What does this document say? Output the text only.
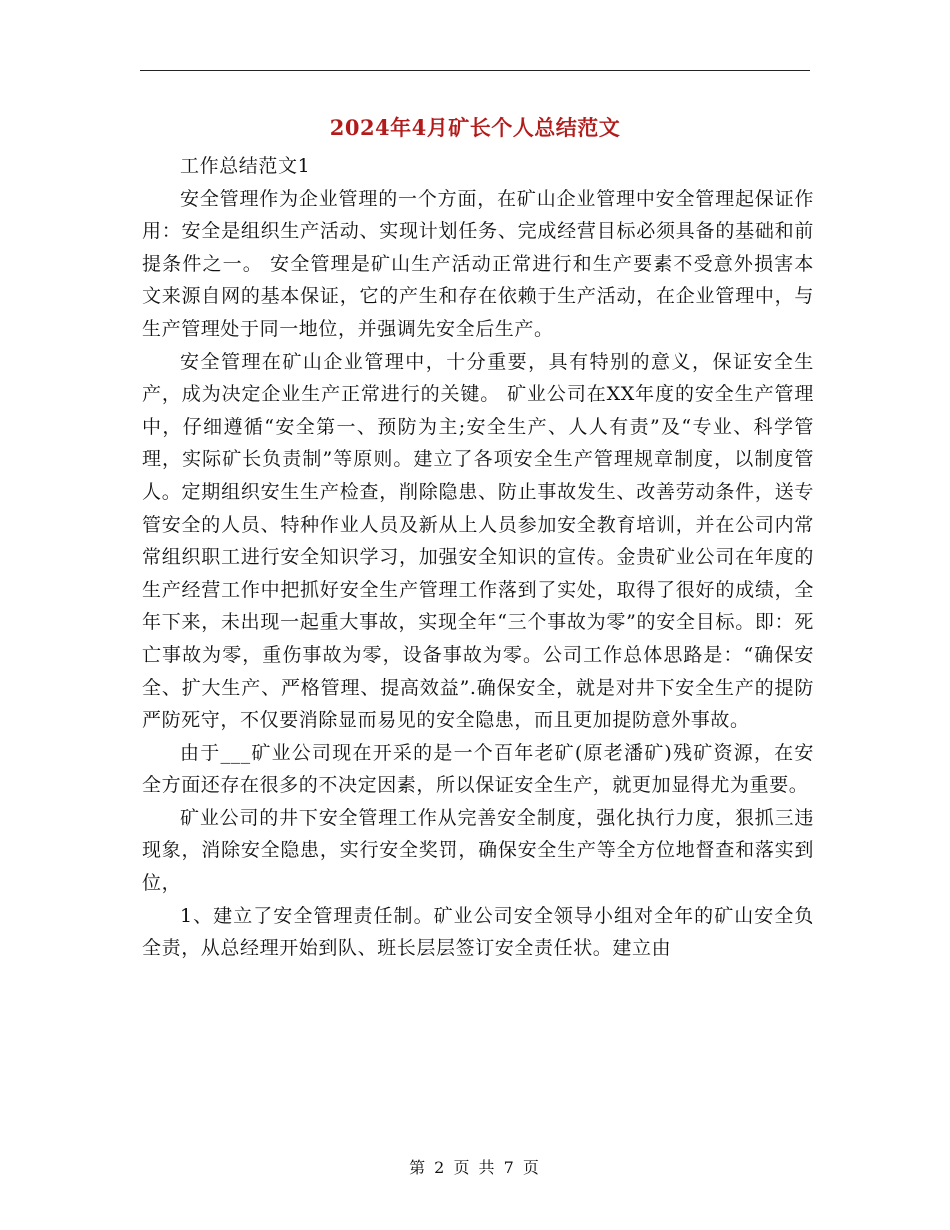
2024年4月矿长个人总结范文

工作总结范文1

安全管理作为企业管理的一个方面，在矿山企业管理中安全管理起保证作用：安全是组织生产活动、实现计划任务、完成经营目标必须具备的基础和前提条件之一。 安全管理是矿山生产活动正常进行和生产要素不受意外损害本文来源自网的基本保证，它的产生和存在依赖于生产活动，在企业管理中，与生产管理处于同一地位，并强调先安全后生产。

安全管理在矿山企业管理中，十分重要，具有特别的意义，保证安全生产，成为决定企业生产正常进行的关键。 矿业公司在XX年度的安全生产管理中，仔细遵循“安全第一、预防为主;安全生产、人人有责”及“专业、科学管理，实际矿长负责制”等原则。建立了各项安全生产管理规章制度，以制度管人。定期组织安生生产检查，削除隐患、防止事故发生、改善劳动条件，送专管安全的人员、特种作业人员及新从上人员参加安全教育培训，并在公司内常常组织职工进行安全知识学习，加强安全知识的宣传。金贵矿业公司在年度的生产经营工作中把抓好安全生产管理工作落到了实处，取得了很好的成绩，全年下来，未出现一起重大事故，实现全年“三个事故为零”的安全目标。即：死亡事故为零，重伤事故为零，设备事故为零。公司工作总体思路是：“确保安全、扩大生产、严格管理、提高效益”.确保安全，就是对井下安全生产的提防严防死守，不仅要消除显而易见的安全隐患，而且更加提防意外事故。

由于___矿业公司现在开采的是一个百年老矿(原老潘矿)残矿资源，在安全方面还存在很多的不决定因素，所以保证安全生产，就更加显得尤为重要。

矿业公司的井下安全管理工作从完善安全制度，强化执行力度，狠抓三违现象，消除安全隐患，实行安全奖罚，确保安全生产等全方位地督查和落实到位，

1、建立了安全管理责任制。矿业公司安全领导小组对全年的矿山安全负全责，从总经理开始到队、班长层层签订安全责任状。建立由

第 2 页 共 7 页
